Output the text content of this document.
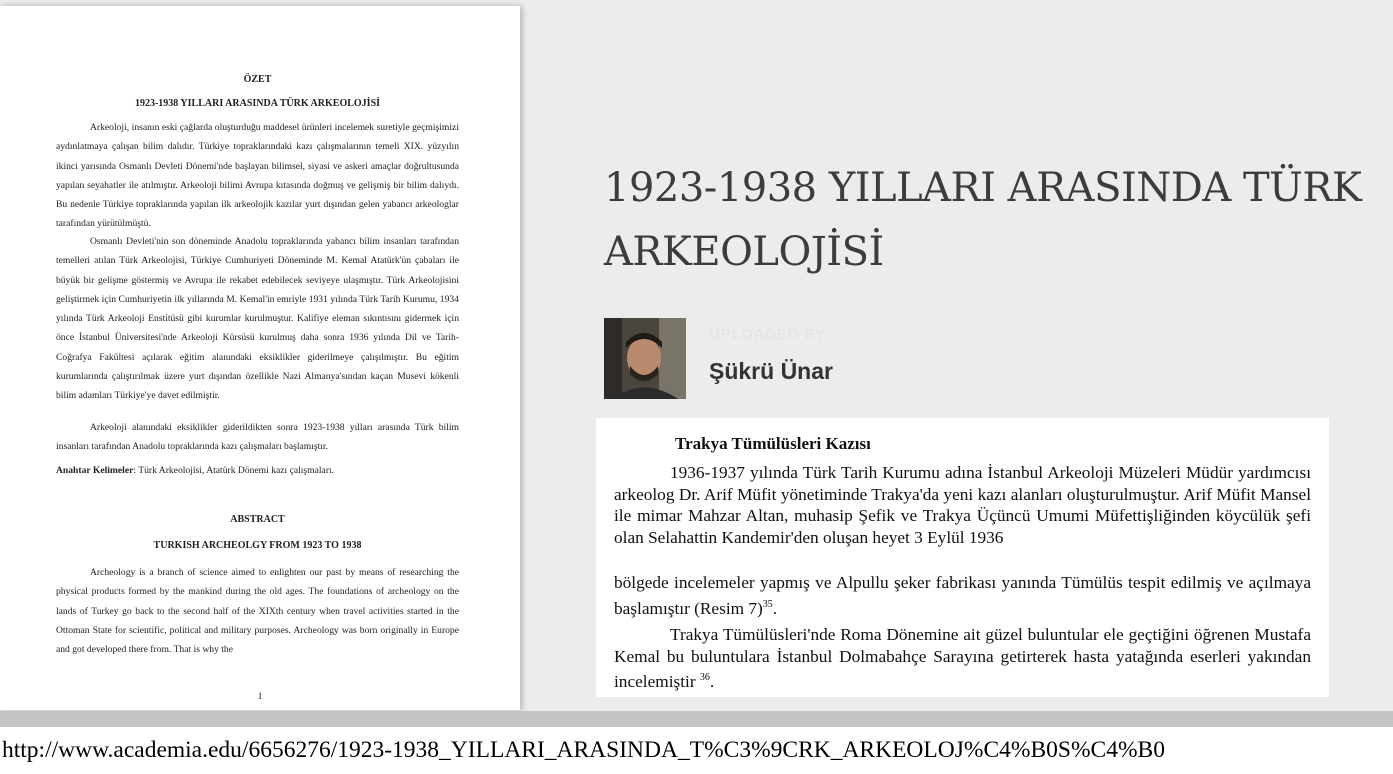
ÖZET
1923-1938 YILLARI ARASINDA TÜRK ARKEOLOJİSİ

Arkeoloji, insanın eski çağlarda oluşturduğu maddesel ürünleri incelemek suretiyle geçmişimizi aydınlatmaya çalışan bilim dalıdır. Türkiye topraklarındaki kazı çalışmalarının temeli XIX. yüzyılın ikinci yarısında Osmanlı Devleti Dönemi'nde başlayan bilimsel, siyasi ve askeri amaçlar doğrultusunda yapılan seyahatler ile atılmıştır. Arkeoloji bilimi Avrupa kıtasında doğmuş ve gelişmiş bir bilim dalıydı. Bu nedenle Türkiye topraklarında yapılan ilk arkeolojik kazılar yurt dışından gelen yabancı arkeologlar tarafından yürütülmüştü.

Osmanlı Devleti'nin son döneminde Anadolu topraklarında yabancı bilim insanları tarafından temelleri atılan Türk Arkeolojisi, Türkiye Cumhuriyeti Döneminde M. Kemal Atatürk'ün çabaları ile büyük bir gelişme göstermiş ve Avrupa ile rekabet edebilecek seviyeye ulaşmıştır. Türk Arkeolojisini geliştirmek için Cumhuriyetin ilk yıllarında M. Kemal'in emriyle 1931 yılında Türk Tarih Kurumu, 1934 yılında Türk Arkeoloji Enstitüsü gibi kurumlar kurulmuştur. Kalifiye eleman sıkıntısını gidermek için önce İstanbul Üniversitesi'nde Arkeoloji Kürsüsü kurulmuş daha sonra 1936 yılında Dil ve Tarih- Coğrafya Fakültesi açılarak eğitim alanındaki eksiklikler giderilmeye çalışılmıştır. Bu eğitim kurumlarında çalıştırılmak üzere yurt dışından özellikle Nazi Almanya'sından kaçan Musevi kökenli bilim adamları Türkiye'ye davet edilmiştir.

Arkeoloji alanındaki eksiklikler giderildikten sonra 1923-1938 yılları arasında Türk bilim insanları tarafından Anadolu topraklarında kazı çalışmaları başlamıştır.

Anahtar Kelimeler: Türk Arkeolojisi, Atatürk Dönemi kazı çalışmaları.

ABSTRACT
TURKISH ARCHEOLGY FROM 1923 TO 1938

Archeology is a branch of science aimed to enlighten our past by means of researching the physical products formed by the mankind during the old ages. The foundations of archeology on the lands of Turkey go back to the second half of the XIXth century when travel activities started in the Ottoman State for scientific, political and military purposes. Archeology was born originally in Europe and got developed there from. That is why the

1
1923-1938 YILLARI ARASINDA TÜRK
ARKEOLOJİSİ
UPLOADED BY
Şükrü Ünar
Trakya Tümülüsleri Kazısı

1936-1937 yılında Türk Tarih Kurumu adına İstanbul Arkeoloji Müzeleri Müdür yardımcısı arkeolog Dr. Arif Müfit yönetiminde Trakya'da yeni kazı alanları oluşturulmuştur. Arif Müfit Mansel ile mimar Mahzar Altan, muhasip Şefik ve Trakya Üçüncü Umumi Müfettişliğinden köycülük şefi olan Selahattin Kandemir'den oluşan heyet 3 Eylül 1936

bölgede incelemeler yapmış ve Alpullu şeker fabrikası yanında Tümülüs tespit edilmiş ve açılmaya başlamıştır (Resim 7)$^{35}$.

Trakya Tümülüsleri'nde Roma Dönemine ait güzel buluntular ele geçtiğini öğrenen Mustafa Kemal bu buluntulara İstanbul Dolmabahçe Sarayına getirterek hasta yatağında eserleri yakından incelemiştir $^{36}$.

http://www.academia.edu/6656276/1923-1938_YILLARI_ARASINDA_T%C3%9CRK_ARKEOLOJ%C4%B0S%C4%B0
